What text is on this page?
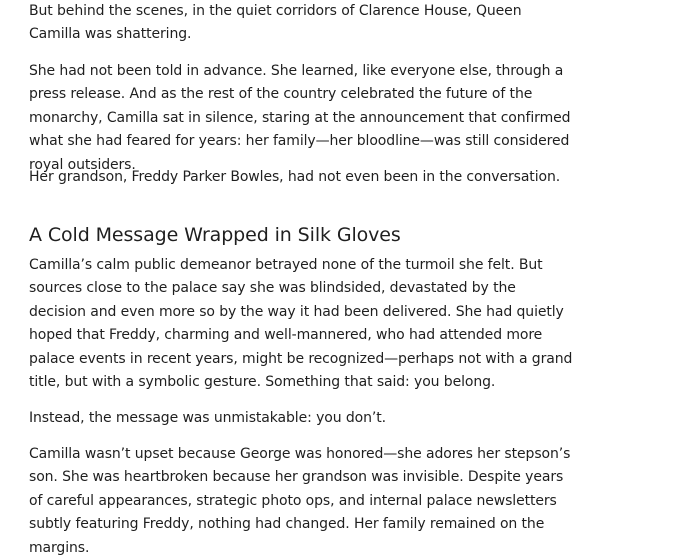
But behind the scenes, in the quiet corridors of Clarence House, Queen Camilla was shattering.

She had not been told in advance. She learned, like everyone else, through a press release. And as the rest of the country celebrated the future of the monarchy, Camilla sat in silence, staring at the announcement that confirmed what she had feared for years: her family—her bloodline—was still considered royal outsiders.

Her grandson, Freddy Parker Bowles, had not even been in the conversation.

A Cold Message Wrapped in Silk Gloves

Camilla’s calm public demeanor betrayed none of the turmoil she felt. But sources close to the palace say she was blindsided, devastated by the decision and even more so by the way it had been delivered. She had quietly hoped that Freddy, charming and well-mannered, who had attended more palace events in recent years, might be recognized—perhaps not with a grand title, but with a symbolic gesture. Something that said: you belong.

Instead, the message was unmistakable: you don’t.

Camilla wasn’t upset because George was honored—she adores her stepson’s son. She was heartbroken because her grandson was invisible. Despite years of careful appearances, strategic photo ops, and internal palace newsletters subtly featuring Freddy, nothing had changed. Her family remained on the margins.
